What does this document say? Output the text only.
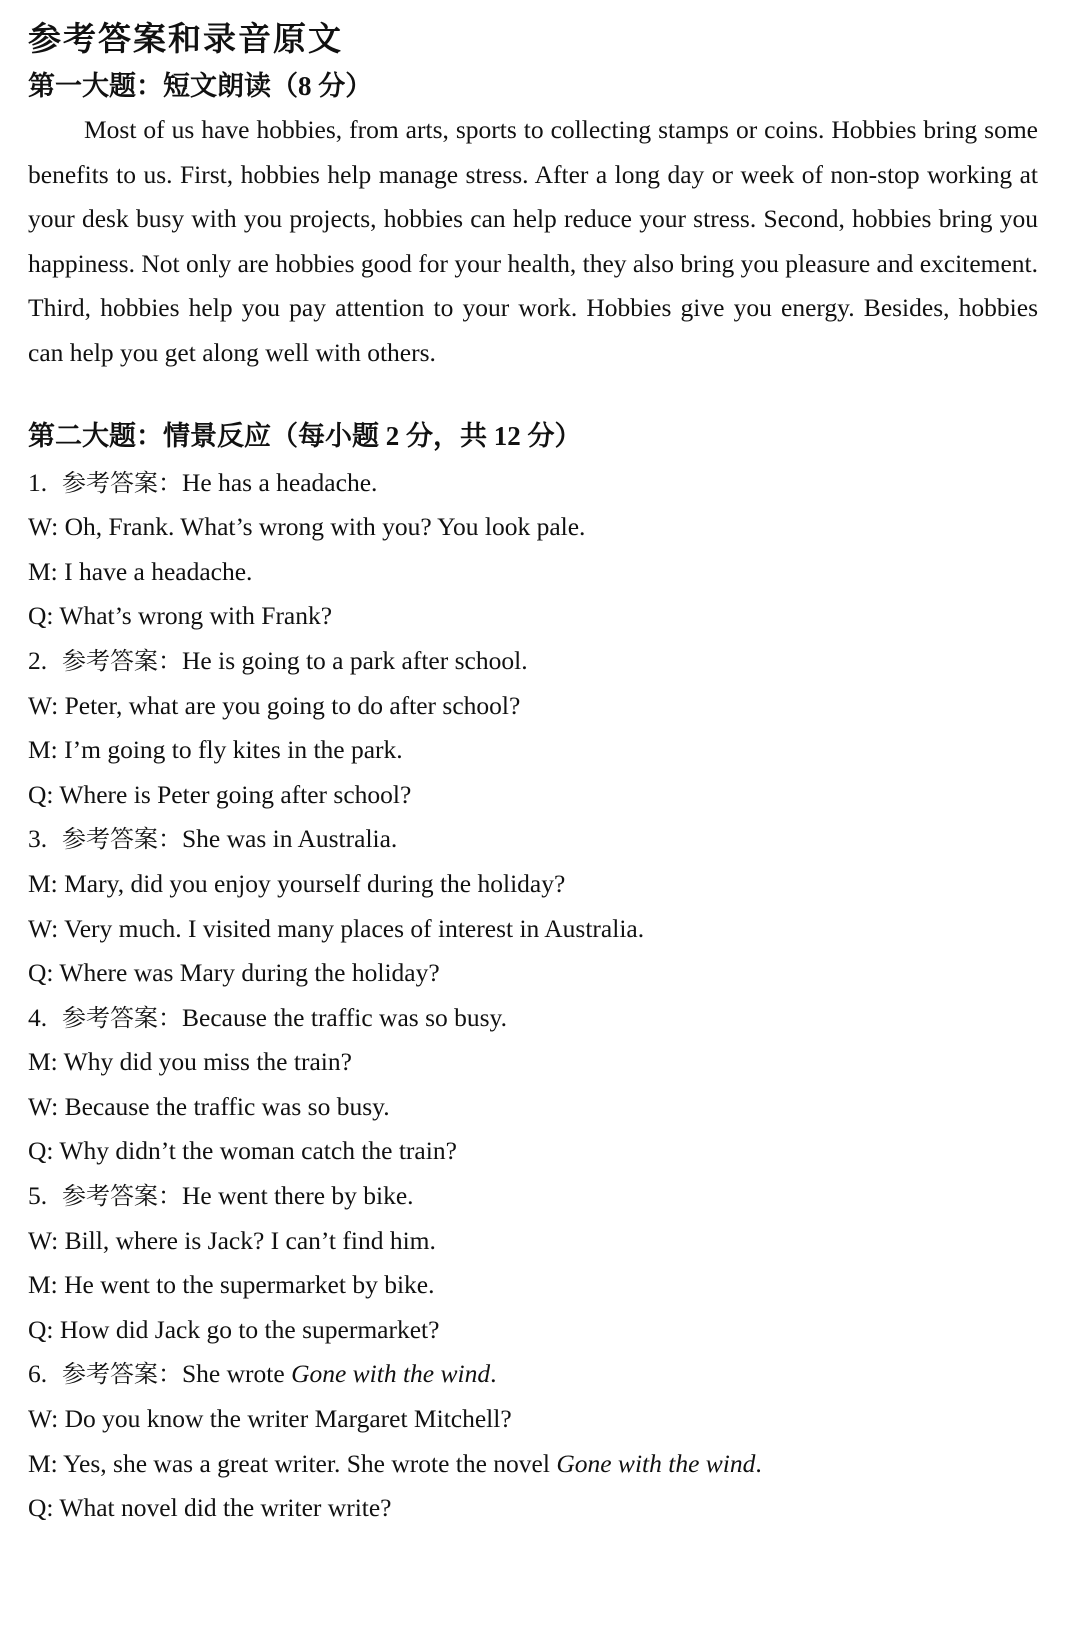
参考答案和录音原文
第一大题：短文朗读（8 分）

Most of us have hobbies, from arts, sports to collecting stamps or coins. Hobbies bring some benefits to us. First, hobbies help manage stress. After a long day or week of non-stop working at your desk busy with you projects, hobbies can help reduce your stress. Second, hobbies bring you happiness. Not only are hobbies good for your health, they also bring you pleasure and excitement. Third, hobbies help you pay attention to your work. Hobbies give you energy. Besides, hobbies can help you get along well with others.

第二大题：情景反应（每小题 2 分，共 12 分）
1. 参考答案：He has a headache.
W: Oh, Frank. What’s wrong with you? You look pale.
M: I have a headache.
Q: What’s wrong with Frank?
2. 参考答案：He is going to a park after school.
W: Peter, what are you going to do after school?
M: I’m going to fly kites in the park.
Q: Where is Peter going after school?
3. 参考答案：She was in Australia.
M: Mary, did you enjoy yourself during the holiday?
W: Very much. I visited many places of interest in Australia.
Q: Where was Mary during the holiday?
4. 参考答案：Because the traffic was so busy.
M: Why did you miss the train?
W: Because the traffic was so busy.
Q: Why didn’t the woman catch the train?
5. 参考答案：He went there by bike.
W: Bill, where is Jack? I can’t find him.
M: He went to the supermarket by bike.
Q: How did Jack go to the supermarket?
6. 参考答案：She wrote Gone with the wind.
W: Do you know the writer Margaret Mitchell?
M: Yes, she was a great writer. She wrote the novel Gone with the wind.
Q: What novel did the writer write?
